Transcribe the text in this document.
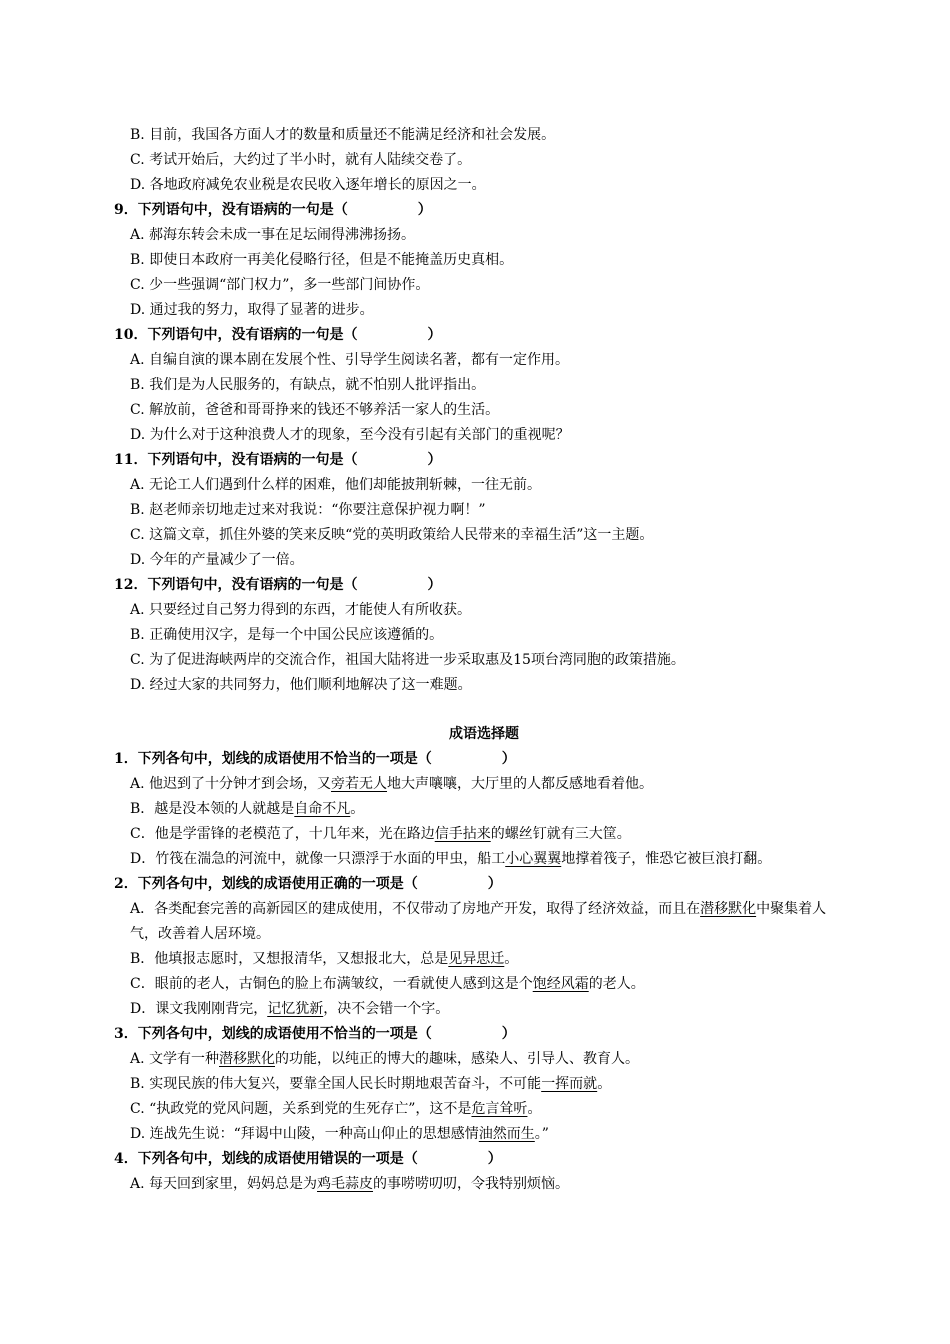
B. 目前，我国各方面人才的数量和质量还不能满足经济和社会发展。
C. 考试开始后，大约过了半小时，就有人陆续交卷了。
D. 各地政府减免农业税是农民收入逐年增长的原因之一。
9．下列语句中，没有语病的一句是（　　　　　）
A. 郝海东转会未成一事在足坛闹得沸沸扬扬。
B. 即使日本政府一再美化侵略行径，但是不能掩盖历史真相。
C. 少一些强调“部门权力”，多一些部门间协作。
D. 通过我的努力，取得了显著的进步。
10．下列语句中，没有语病的一句是（　　　　　）
A. 自编自演的课本剧在发展个性、引导学生阅读名著，都有一定作用。
B. 我们是为人民服务的，有缺点，就不怕别人批评指出。
C. 解放前，爸爸和哥哥挣来的钱还不够养活一家人的生活。
D. 为什么对于这种浪费人才的现象，至今没有引起有关部门的重视呢？
11．下列语句中，没有语病的一句是（　　　　　）
A. 无论工人们遇到什么样的困难，他们却能披荆斩棘，一往无前。
B. 赵老师亲切地走过来对我说：“你要注意保护视力啊！”
C. 这篇文章，抓住外婆的笑来反映“党的英明政策给人民带来的幸福生活”这一主题。
D. 今年的产量减少了一倍。
12．下列语句中，没有语病的一句是（　　　　　）
A. 只要经过自己努力得到的东西，才能使人有所收获。
B. 正确使用汉字，是每一个中国公民应该遵循的。
C. 为了促进海峡两岸的交流合作，祖国大陆将进一步采取惠及15项台湾同胞的政策措施。
D. 经过大家的共同努力，他们顺利地解决了这一难题。
成语选择题
1．下列各句中，划线的成语使用不恰当的一项是（　　　　　）
A. 他迟到了十分钟才到会场，又旁若无人地大声嚷嚷，大厅里的人都反感地看着他。
B．越是没本领的人就越是自命不凡。
C．他是学雷锋的老模范了，十几年来，光在路边信手拈来的螺丝钉就有三大筐。
D．竹筏在湍急的河流中，就像一只漂浮于水面的甲虫，船工小心翼翼地撑着筏子，惟恐它被巨浪打翻。
2．下列各句中，划线的成语使用正确的一项是（　　　　　）
A．各类配套完善的高新园区的建成使用，不仅带动了房地产开发，取得了经济效益，而且在潜移默化中聚集着人气，改善着人居环境。
B．他填报志愿时，又想报清华，又想报北大，总是见异思迁。
C．眼前的老人，古铜色的脸上布满皱纹，一看就使人感到这是个饱经风霜的老人。
D．课文我刚刚背完，记忆犹新，决不会错一个字。
3．下列各句中，划线的成语使用不恰当的一项是（　　　　　）
A. 文学有一种潜移默化的功能，以纯正的博大的趣味，感染人、引导人、教育人。
B. 实现民族的伟大复兴，要靠全国人民长时期地艰苦奋斗，不可能一挥而就。
C. “执政党的党风问题，关系到党的生死存亡”，这不是危言耸听。
D. 连战先生说：“拜谒中山陵，一种高山仰止的思想感情油然而生。”
4．下列各句中，划线的成语使用错误的一项是（　　　　　）
A. 每天回到家里，妈妈总是为鸡毛蒜皮的事唠唠叨叨，令我特别烦恼。
